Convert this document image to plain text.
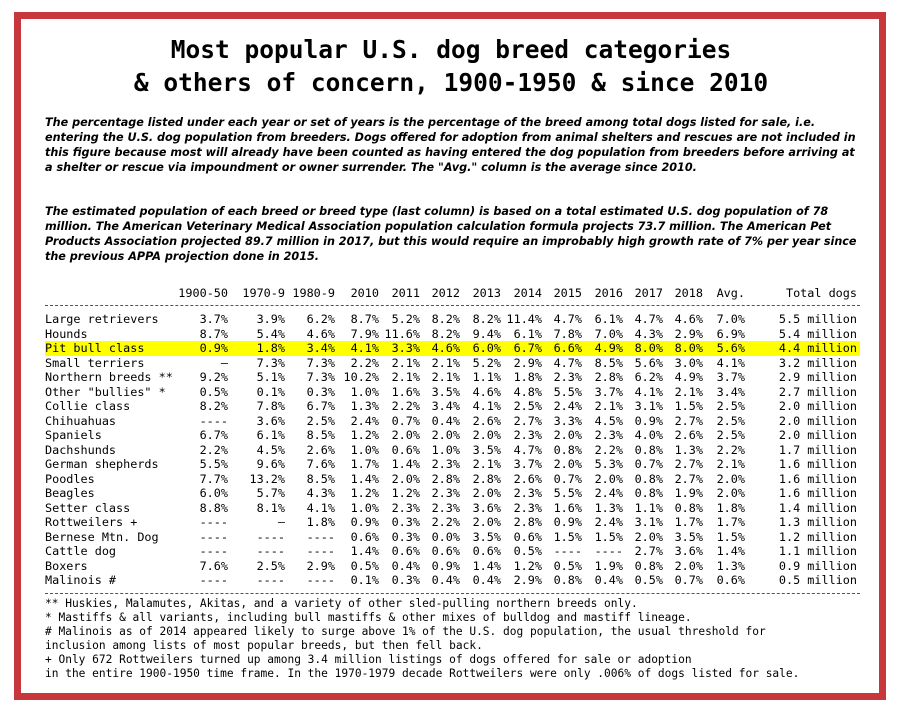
Most popular U.S. dog breed categories
& others of concern, 1900-1950 & since 2010

The percentage listed under each year or set of years is the percentage of the breed among total dogs listed for sale, i.e. entering the U.S. dog population from breeders. Dogs offered for adoption from animal shelters and rescues are not included in this figure because most will already have been counted as having entered the dog population from breeders before arriving at a shelter or rescue via impoundment or owner surrender. The "Avg." column is the average since 2010.

The estimated population of each breed or breed type (last column) is based on a total estimated U.S. dog population of 78 million. The American Veterinary Medical Association population calculation formula projects 73.7 million. The American Pet Products Association projected 89.7 million in 2017, but this would require an improbably high growth rate of 7% per year since the previous APPA projection done in 2015.

1900-50 1970-9 1980-9 2010 2011 2012 2013 2014 2015 2016 2017 2018 Avg.	Total dogs
Large retrievers	3.7% 3.9% 6.2% 8.7% 5.2% 8.2% 8.2% 11.4% 4.7% 6.1% 4.7% 4.6% 7.0%	5.5 million
Hounds	8.7% 5.4% 4.6% 7.9% 11.6% 8.2% 9.4% 6.1% 7.8% 7.0% 4.3% 2.9% 6.9%	5.4 million
Pit bull class	0.9% 1.8% 3.4% 4.1% 3.3% 4.6% 6.0% 6.7% 6.6% 4.9% 8.0% 8.0% 5.6%	4.4 million
Small terriers	— 7.3% 7.3% 2.2% 2.1% 2.1% 5.2% 2.9% 4.7% 8.5% 5.6% 3.0% 4.1%	3.2 million
Northern breeds ** 9.2% 5.1% 7.3% 10.2% 2.1% 2.1% 1.1% 1.8% 2.3% 2.8% 6.2% 4.9% 3.7%	2.9 million
Other "bullies" *	0.5% 0.1% 0.3% 1.0% 1.6% 3.5% 4.6% 4.8% 5.5% 3.7% 4.1% 2.1% 3.4%	2.7 million
Collie class	8.2% 7.8% 6.7% 1.3% 2.2% 3.4% 4.1% 2.5% 2.4% 2.1% 3.1% 1.5% 2.5%	2.0 million
Chihuahuas	---- 3.6% 2.5% 2.4% 0.7% 0.4% 2.6% 2.7% 3.3% 4.5% 0.9% 2.7% 2.5%	2.0 million
Spaniels	6.7% 6.1% 8.5% 1.2% 2.0% 2.0% 2.0% 2.3% 2.0% 2.3% 4.0% 2.6% 2.5%	2.0 million
Dachshunds	2.2% 4.5% 2.6% 1.0% 0.6% 1.0% 3.5% 4.7% 0.8% 2.2% 0.8% 1.3% 2.2%	1.7 million
German shepherds	5.5% 9.6% 7.6% 1.7% 1.4% 2.3% 2.1% 3.7% 2.0% 5.3% 0.7% 2.7% 2.1%	1.6 million
Poodles	7.7% 13.2% 8.5% 1.4% 2.0% 2.8% 2.8% 2.6% 0.7% 2.0% 0.8% 2.7% 2.0%	1.6 million
Beagles	6.0% 5.7% 4.3% 1.2% 1.2% 2.3% 2.0% 2.3% 5.5% 2.4% 0.8% 1.9% 2.0%	1.6 million
Setter class	8.8% 8.1% 4.1% 1.0% 2.3% 2.3% 3.6% 2.3% 1.6% 1.3% 1.1% 0.8% 1.8%	1.4 million
Rottweilers +	----	— 1.8% 0.9% 0.3% 2.2% 2.0% 2.8% 0.9% 2.4% 3.1% 1.7% 1.7%	1.3 million
Bernese Mtn. Dog	---- ---- ---- 0.6% 0.3% 0.0% 3.5% 0.6% 1.5% 1.5% 2.0% 3.5% 1.5%	1.2 million
Cattle dog	---- ---- ---- 1.4% 0.6% 0.6% 0.6% 0.5% ---- ---- 2.7% 3.6% 1.4%	1.1 million
Boxers	7.6% 2.5% 2.9% 0.5% 0.4% 0.9% 1.4% 1.2% 0.5% 1.9% 0.8% 2.0% 1.3%	0.9 million
Malinois #	---- ---- ---- 0.1% 0.3% 0.4% 0.4% 2.9% 0.8% 0.4% 0.5% 0.7% 0.6%	0.5 million
** Huskies, Malamutes, Akitas, and a variety of other sled-pulling northern breeds only.
* Mastiffs & all variants, including bull mastiffs & other mixes of bulldog and mastiff lineage.
# Malinois as of 2014 appeared likely to surge above 1% of the U.S. dog population, the usual threshold for
inclusion among lists of most popular breeds, but then fell back.
+ Only 672 Rottweilers turned up among 3.4 million listings of dogs offered for sale or adoption
in the entire 1900-1950 time frame. In the 1970-1979 decade Rottweilers were only .006% of dogs listed for sale.
